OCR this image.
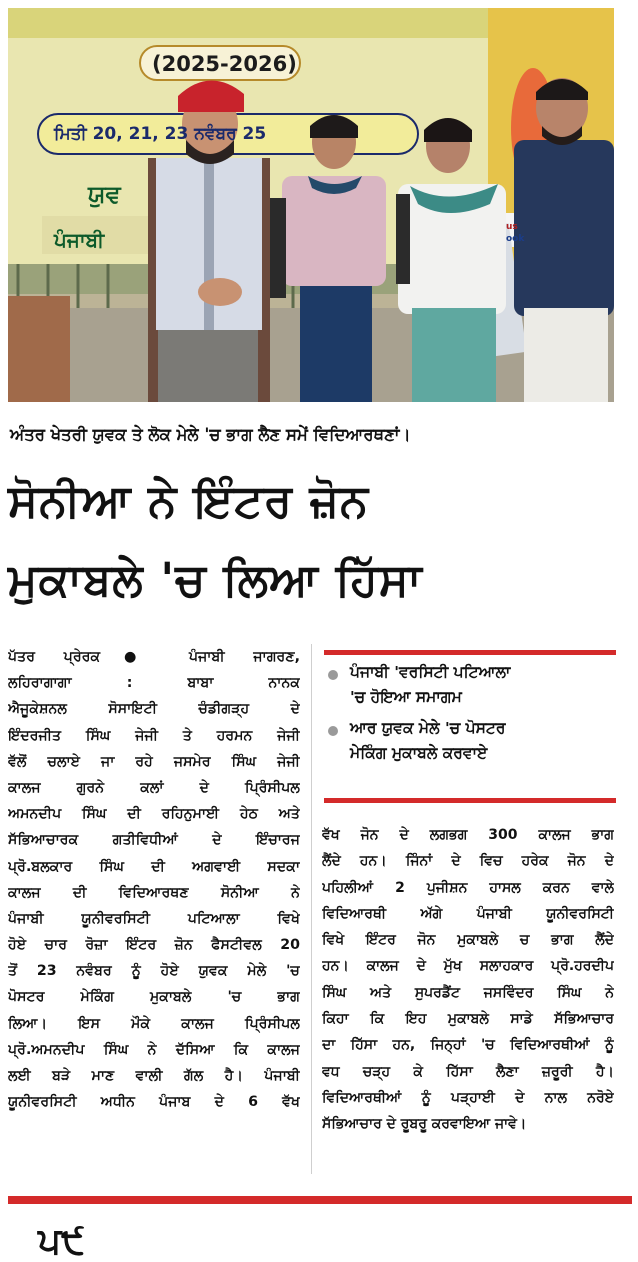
(2025-2026)
ਮਿਤੀ 20, 21, 23 ਨਵੰਬਰ 25
ਯੁਵ
ਪੰਜਾਬੀ
us
ook
ਅੰਤਰ ਖੇਤਰੀ ਯੁਵਕ ਤੇ ਲੋਕ ਮੇਲੇ 'ਚ ਭਾਗ ਲੈਣ ਸਮੇਂ ਵਿਦਿਆਰਥਣਾਂ।
ਸੋਨੀਆ ਨੇ ਇੰਟਰ ਜ਼ੋਨ
ਮੁਕਾਬਲੇ 'ਚ ਲਿਆ ਹਿੱਸਾ

ਪੱਤਰ ਪ੍ਰੇਰਕ● ਪੰਜਾਬੀ ਜਾਗਰਣ,

ਲਹਿਰਾਗਾਗਾ : ਬਾਬਾ ਨਾਨਕ

ਐਜੂਕੇਸ਼ਨਲ ਸੋਸਾਇਟੀ ਚੰਡੀਗੜ੍ਹ ਦੇ

ਇੰਦਰਜੀਤ ਸਿੰਘ ਜੇਜੀ ਤੇ ਹਰਮਨ ਜੇਜੀ

ਵੱਲੋਂ ਚਲਾਏ ਜਾ ਰਹੇ ਜਸਮੇਰ ਸਿੰਘ ਜੇਜੀ

ਕਾਲਜ ਗੁਰਨੇ ਕਲਾਂ ਦੇ ਪ੍ਰਿੰਸੀਪਲ

ਅਮਨਦੀਪ ਸਿੰਘ ਦੀ ਰਹਿਨੁਮਾਈ ਹੇਠ ਅਤੇ

ਸੱਭਿਆਚਾਰਕ ਗਤੀਵਿਧੀਆਂ ਦੇ ਇੰਚਾਰਜ

ਪ੍ਰੋ.ਬਲਕਾਰ ਸਿੰਘ ਦੀ ਅਗਵਾਈ ਸਦਕਾ

ਕਾਲਜ ਦੀ ਵਿਦਿਆਰਥਣ ਸੋਨੀਆ ਨੇ

ਪੰਜਾਬੀ ਯੂਨੀਵਰਸਿਟੀ ਪਟਿਆਲਾ ਵਿਖੇ

ਹੋਏ ਚਾਰ ਰੋਜ਼ਾ ਇੰਟਰ ਜ਼ੋਨ ਫੈਸਟੀਵਲ 20

ਤੋਂ 23 ਨਵੰਬਰ ਨੂੰ ਹੋਏ ਯੁਵਕ ਮੇਲੇ 'ਚ

ਪੋਸਟਰ ਮੇਕਿੰਗ ਮੁਕਾਬਲੇ 'ਚ ਭਾਗ

ਲਿਆ। ਇਸ ਮੌਕੇ ਕਾਲਜ ਪ੍ਰਿੰਸੀਪਲ

ਪ੍ਰੋ.ਅਮਨਦੀਪ ਸਿੰਘ ਨੇ ਦੱਸਿਆ ਕਿ ਕਾਲਜ

ਲਈ ਬੜੇ ਮਾਣ ਵਾਲੀ ਗੱਲ ਹੈ। ਪੰਜਾਬੀ

ਯੂਨੀਵਰਸਿਟੀ ਅਧੀਨ ਪੰਜਾਬ ਦੇ 6 ਵੱਖ

ਪੰਜਾਬੀ 'ਵਰਸਿਟੀ ਪਟਿਆਲਾ
'ਚ ਹੋਇਆ ਸਮਾਗਮ
ਆਰ ਯੁਵਕ ਮੇਲੇ 'ਚ ਪੋਸਟਰ
ਮੇਕਿੰਗ ਮੁਕਾਬਲੇ ਕਰਵਾਏ

ਵੱਖ ਜੋਨ ਦੇ ਲਗਭਗ 300 ਕਾਲਜ ਭਾਗ

ਲੈਂਦੇ ਹਨ। ਜਿੰਨਾਂ ਦੇ ਵਿਚ ਹਰੇਕ ਜੋਨ ਦੇ

ਪਹਿਲੀਆਂ 2 ਪੁਜੀਸ਼ਨ ਹਾਸਲ ਕਰਨ ਵਾਲੇ

ਵਿਦਿਆਰਥੀ ਅੱਗੇ ਪੰਜਾਬੀ ਯੂਨੀਵਰਸਿਟੀ

ਵਿਖੇ ਇੰਟਰ ਜੋਨ ਮੁਕਾਬਲੇ ਚ ਭਾਗ ਲੈਂਦੇ

ਹਨ। ਕਾਲਜ ਦੇ ਮੁੱਖ ਸਲਾਹਕਾਰ ਪ੍ਰੋ.ਹਰਦੀਪ

ਸਿੰਘ ਅਤੇ ਸੁਪਰਡੈਂਟ ਜਸਵਿੰਦਰ ਸਿੰਘ ਨੇ

ਕਿਹਾ ਕਿ ਇਹ ਮੁਕਾਬਲੇ ਸਾਡੇ ਸੱਭਿਆਚਾਰ

ਦਾ ਹਿੱਸਾ ਹਨ, ਜਿਨ੍ਹਾਂ 'ਚ ਵਿਦਿਆਰਥੀਆਂ ਨੂੰ

ਵਧ ਚੜ੍ਹ ਕੇ ਹਿੱਸਾ ਲੈਣਾ ਜ਼ਰੂਰੀ ਹੈ।

ਵਿਦਿਆਰਥੀਆਂ ਨੂੰ ਪੜ੍ਹਾਈ ਦੇ ਨਾਲ ਨਰੋਏ

ਸੱਭਿਆਚਾਰ ਦੇ ਰੂਬਰੂ ਕਰਵਾਇਆ ਜਾਵੇ।

ਪ੯
